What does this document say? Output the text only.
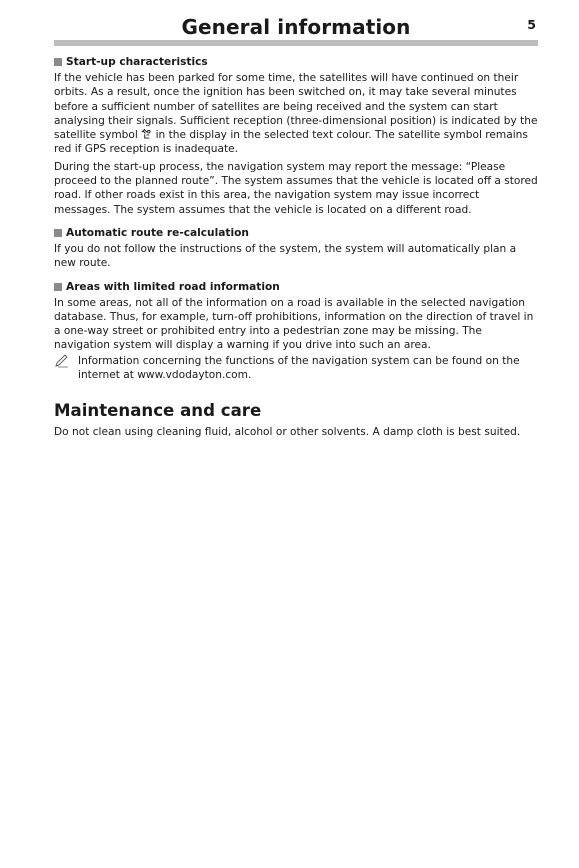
General information	5
Start-up characteristics

If the vehicle has been parked for some time, the satellites will have continued on their orbits. As a result, once the ignition has been switched on, it may take several minutes before a sufficient number of satellites are being received and the system can start analysing their signals. Sufficient reception (three-dimensional position) is indicated by the satellite symbol in the display in the selected text colour. The satellite symbol remains red if GPS reception is inadequate.

During the start-up process, the navigation system may report the message: “Please proceed to the planned route”. The system assumes that the vehicle is located off a stored road. If other roads exist in this area, the navigation system may issue incorrect messages. The system assumes that the vehicle is located on a different road.

Automatic route re-calculation

If you do not follow the instructions of the system, the system will automatically plan a new route.

Areas with limited road information

In some areas, not all of the information on a road is available in the selected navigation database. Thus, for example, turn-off prohibitions, information on the direction of travel in a one-way street or prohibited entry into a pedestrian zone may be missing. The navigation system will display a warning if you drive into such an area.

Information concerning the functions of the navigation system can be found on the internet at www.vdodayton.com.

Maintenance and care

Do not clean using cleaning fluid, alcohol or other solvents. A damp cloth is best suited.
